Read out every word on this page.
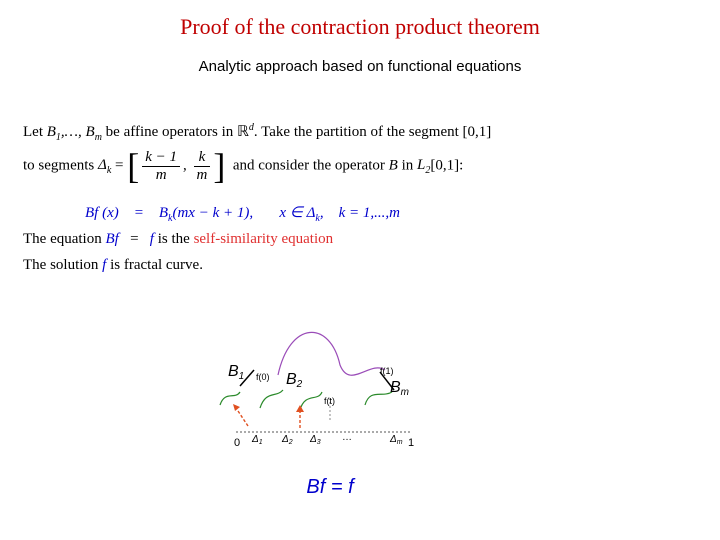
Proof of the contraction product theorem
Analytic approach based on functional equations
Let $B_1,\dots$, $B_m$ be affine operators in ℝ$^d$. Take the partition of the segment [0,1]
to segments $\Delta_k$ = [ $\frac{k - 1}{m}$ , $\frac{k}{m}$ ] and consider the operator B in $L_2[0,1]$:
Bf $(x) = B_k(mx - k + 1)$, x ∈ $\Delta_k$, k = 1,...,m
The equation Bf = f is the self-similarity equation
The solution f is fractal curve.
B1	B2	Bm
f(0)
f(1)
f(t)
0 $\Delta_1$ $\Delta_2$ $\Delta_3$ …	$\Delta_m$ 1
Bf = f
